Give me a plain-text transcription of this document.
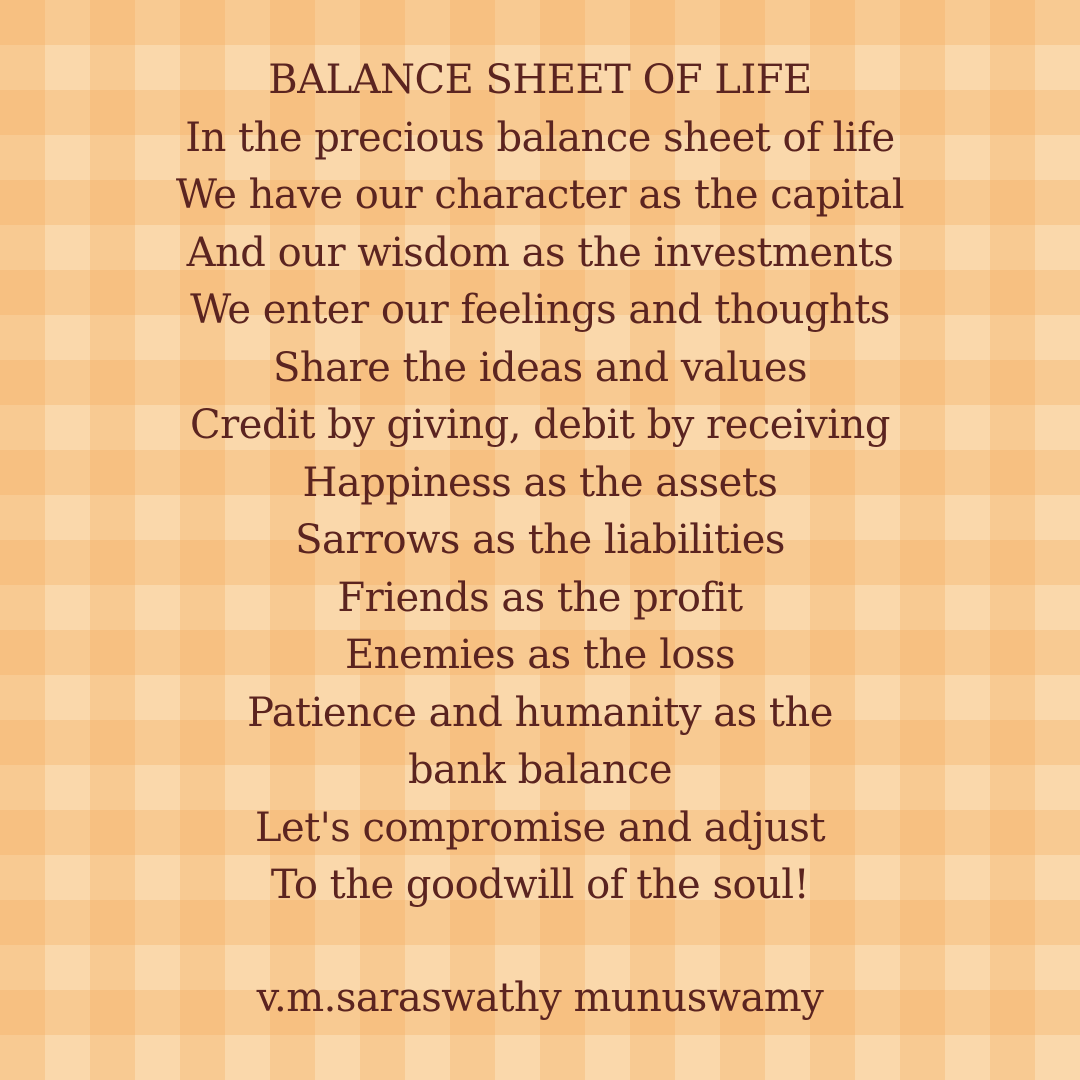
BALANCE SHEET OF LIFE
In the precious balance sheet of life
We have our character as the capital
And our wisdom as the investments
We enter our feelings and thoughts
Share the ideas and values
Credit by giving, debit by receiving
Happiness as the assets
Sarrows as the liabilities
Friends as the profit
Enemies as the loss
Patience and humanity as the
bank balance
Let's compromise and adjust
To the goodwill of the soul!
v.m.saraswathy munuswamy
